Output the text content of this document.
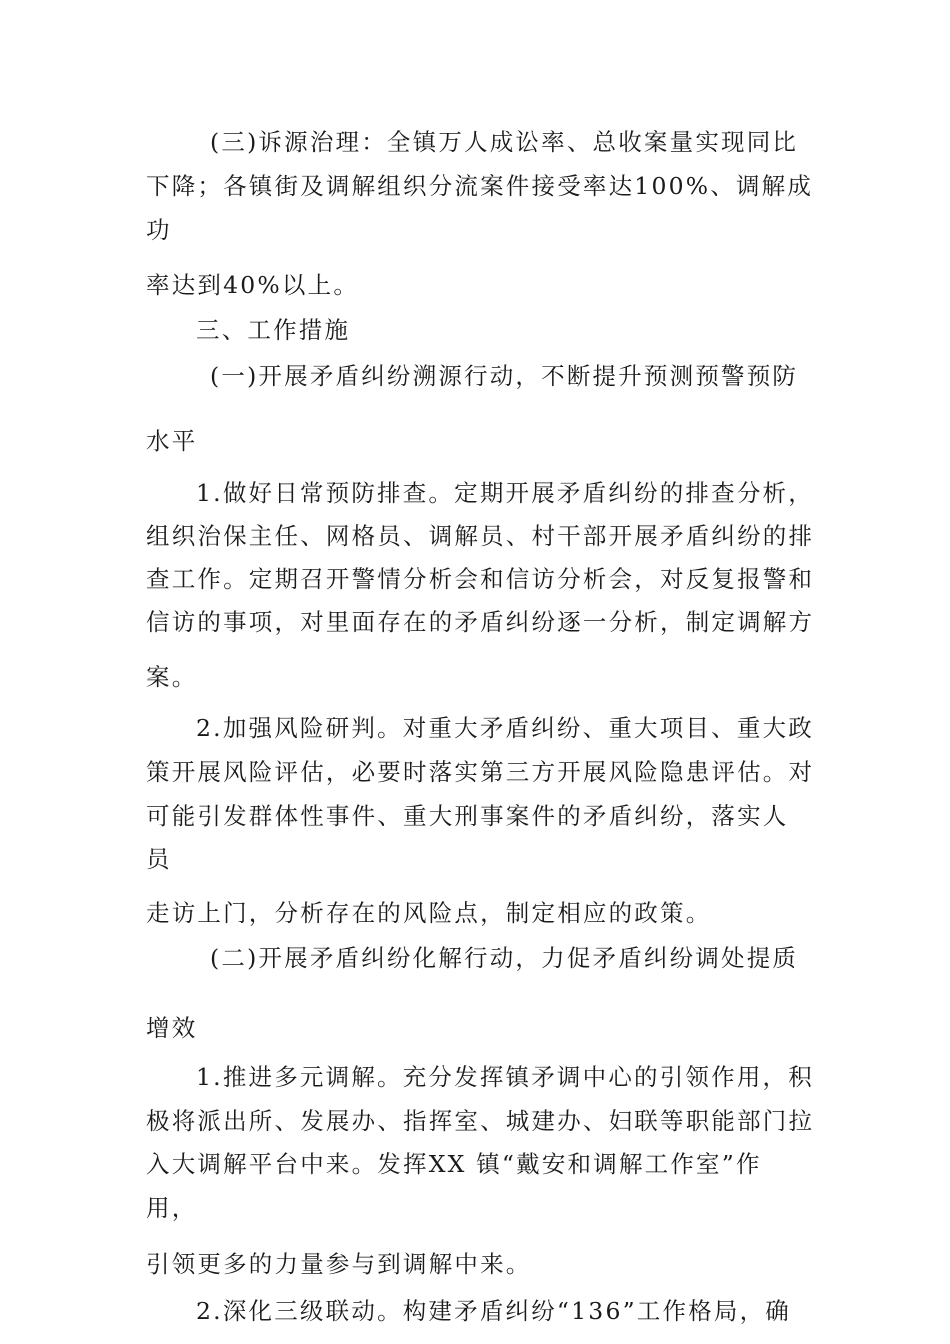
(三)诉源治理：全镇万人成讼率、总收案量实现同比
下降；各镇街及调解组织分流案件接受率达100%、调解成
功
率达到40%以上。
三、工作措施
(一)开展矛盾纠纷溯源行动，不断提升预测预警预防
水平
1.做好日常预防排查。定期开展矛盾纠纷的排查分析，
组织治保主任、网格员、调解员、村干部开展矛盾纠纷的排
查工作。定期召开警情分析会和信访分析会，对反复报警和
信访的事项，对里面存在的矛盾纠纷逐一分析，制定调解方
案。
2.加强风险研判。对重大矛盾纠纷、重大项目、重大政
策开展风险评估，必要时落实第三方开展风险隐患评估。对
可能引发群体性事件、重大刑事案件的矛盾纠纷，落实人
员
走访上门，分析存在的风险点，制定相应的政策。
(二)开展矛盾纠纷化解行动，力促矛盾纠纷调处提质
增效
1.推进多元调解。充分发挥镇矛调中心的引领作用，积
极将派出所、发展办、指挥室、城建办、妇联等职能部门拉
入大调解平台中来。发挥XX 镇“戴安和调解工作室”作
用，
引领更多的力量参与到调解中来。
2.深化三级联动。构建矛盾纠纷“136”工作格局，确
